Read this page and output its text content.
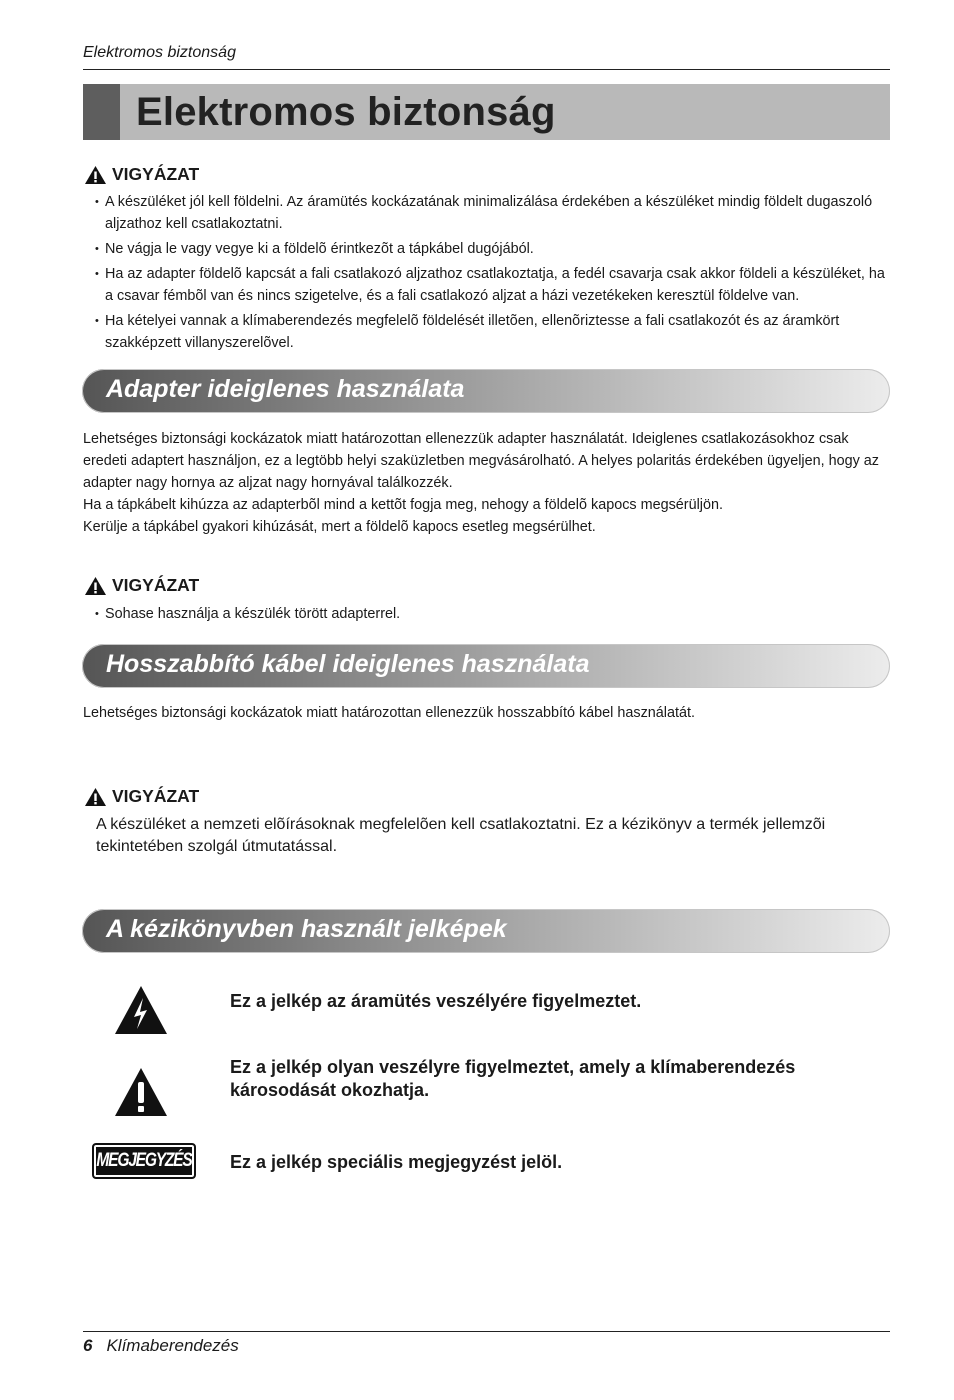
Elektromos biztonság
Elektromos biztonság
VIGYÁZAT
• A készüléket jól kell földelni. Az áramütés kockázatának minimalizálása érdekében a készüléket mindig földelt dugaszoló aljzathoz kell csatlakoztatni.
• Ne vágja le vagy vegye ki a földelõ érintkezõt a tápkábel dugójából.
• Ha az adapter földelõ kapcsát a fali csatlakozó aljzathoz csatlakoztatja, a fedél csavarja csak akkor földeli a készüléket, ha a csavar fémbõl van és nincs szigetelve, és a fali csatlakozó aljzat a házi vezetékeken keresztül földelve van.
• Ha kételyei vannak a klímaberendezés megfelelõ földelését illetõen, ellenõriztesse a fali csatlakozót és az áramkört szakképzett villanyszerelõvel.
Adapter ideiglenes használata

Lehetséges biztonsági kockázatok miatt határozottan ellenezzük adapter használatát. Ideiglenes csatlakozásokhoz csak eredeti adaptert használjon, ez a legtöbb helyi szaküzletben megvásárolható. A helyes polaritás érdekében ügyeljen, hogy az adapter nagy hornya az aljzat nagy hornyával találkozzék.

Ha a tápkábelt kihúzza az adapterbõl mind a kettõt fogja meg, nehogy a földelõ kapocs megsérüljön.

Kerülje a tápkábel gyakori kihúzását, mert a földelõ kapocs esetleg megsérülhet.

VIGYÁZAT
• Sohase használja a készülék törött adapterrel.
Hosszabbító kábel ideiglenes használata

Lehetséges biztonsági kockázatok miatt határozottan ellenezzük hosszabbító kábel használatát.

VIGYÁZAT
A készüléket a nemzeti elõírásoknak megfelelõen kell csatlakoztatni. Ez a kézikönyv a termék jellemzõi tekintetében szolgál útmutatással.
A kézikönyvben használt jelképek
Ez a jelkép az áramütés veszélyére figyelmeztet.
Ez a jelkép olyan veszélyre figyelmeztet, amely a klímaberendezés károsodását okozhatja.
MEGJEGYZÉS Ez a jelkép speciális megjegyzést jelöl.
6 Klímaberendezés
